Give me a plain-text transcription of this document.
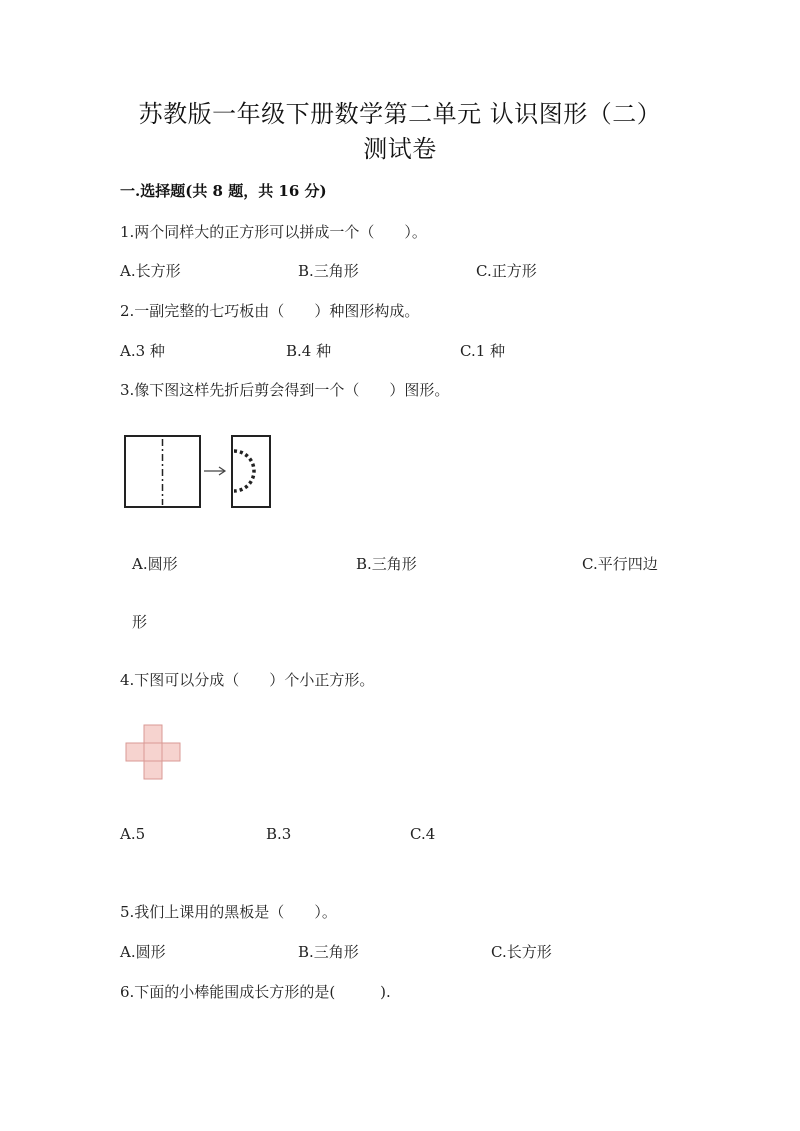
苏教版一年级下册数学第二单元 认识图形（二）
测试卷
一.选择题(共 8 题，共 16 分)
1.两个同样大的正方形可以拼成一个（　　）。
A.长方形	B.三角形	C.正方形
2.一副完整的七巧板由（　　）种图形构成。
A.3 种	B.4 种	C.1 种
3.像下图这样先折后剪会得到一个（　　）图形。
A.圆形	B.三角形	C.平行四边
形
4.下图可以分成（　　）个小正方形。
A.5	B.3	C.4
5.我们上课用的黑板是（　　）。
A.圆形	B.三角形	C.长方形
6.下面的小棒能围成长方形的是(　　　).
